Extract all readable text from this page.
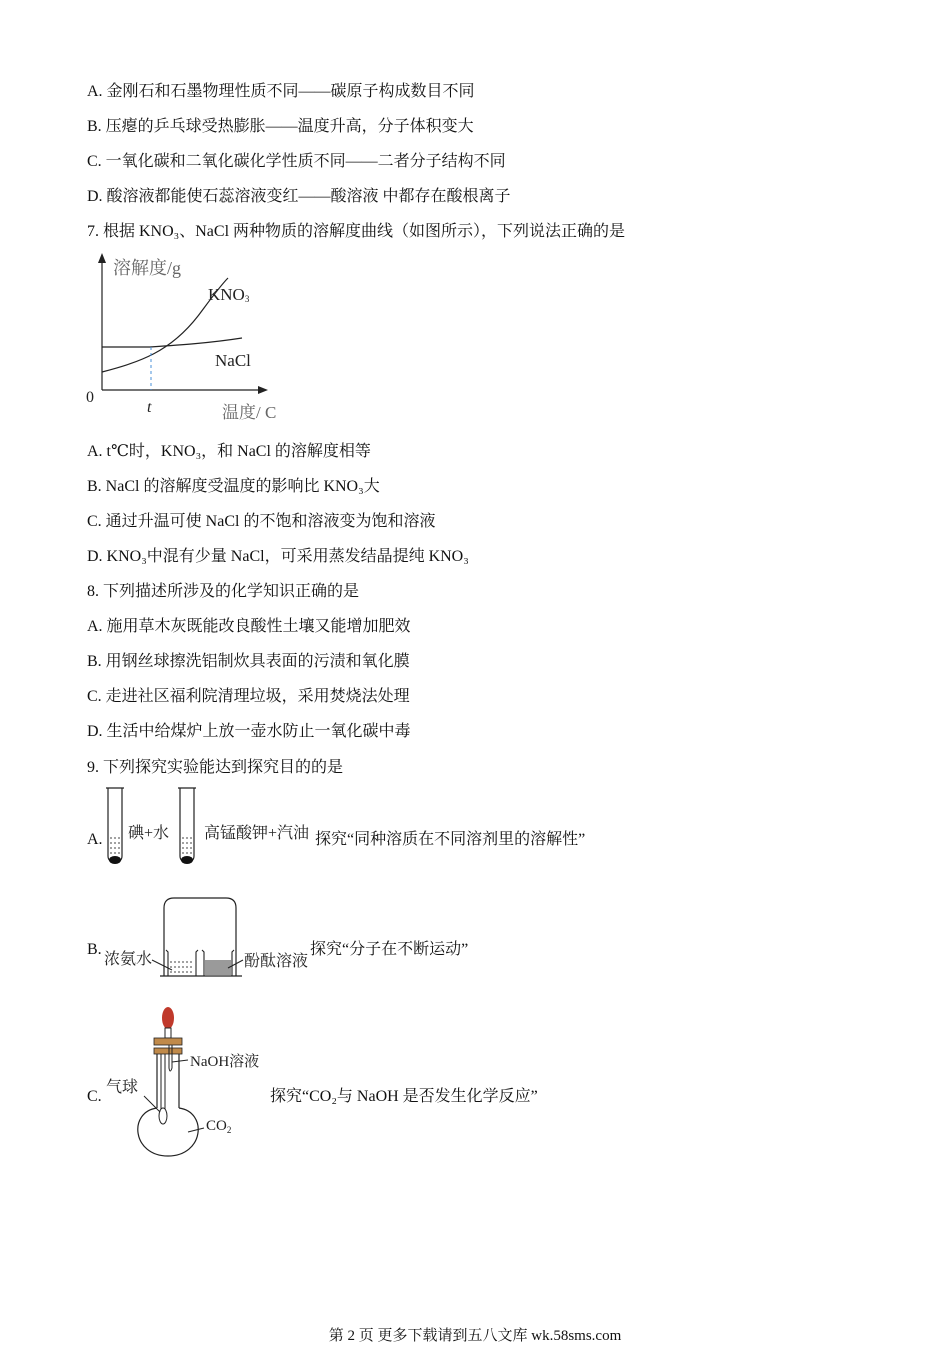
A. 金刚石和石墨物理性质不同——碳原子构成数目不同
B. 压瘪的乒乓球受热膨胀——温度升高，分子体积变大
C. 一氧化碳和二氧化碳化学性质不同——二者分子结构不同
D. 酸溶液都能使石蕊溶液变红——酸溶液 中都存在酸根离子
7. 根据 KNO₃、NaCl 两种物质的溶解度曲线（如图所示），下列说法正确的是
溶解度/g
KNO3
NaCl
0
t	温度/ C
A. t℃时，KNO₃，和 NaCl 的溶解度相等
B. NaCl 的溶解度受温度的影响比 KNO₃大
C. 通过升温可使 NaCl 的不饱和溶液变为饱和溶液
D. KNO₃中混有少量 NaCl，可采用蒸发结晶提纯 KNO₃
8. 下列描述所涉及的化学知识正确的是
A. 施用草木灰既能改良酸性土壤又能增加肥效
B. 用钢丝球擦洗铝制炊具表面的污渍和氧化膜
C. 走进社区福利院清理垃圾，采用焚烧法处理
D. 生活中给煤炉上放一壶水防止一氧化碳中毒
9. 下列探究实验能达到探究目的的是
A. 碘+水 高锰酸钾+汽油 探究“同种溶质在不同溶剂里的溶解性”
B.
浓氨水	酚酞溶液
探究“分子在不断运动”
C.
NaOH溶液
气球
$CO_2$
探究“CO₂与 NaOH 是否发生化学反应”
第 2 页 更多下载请到五八文库 wk.58sms.com
